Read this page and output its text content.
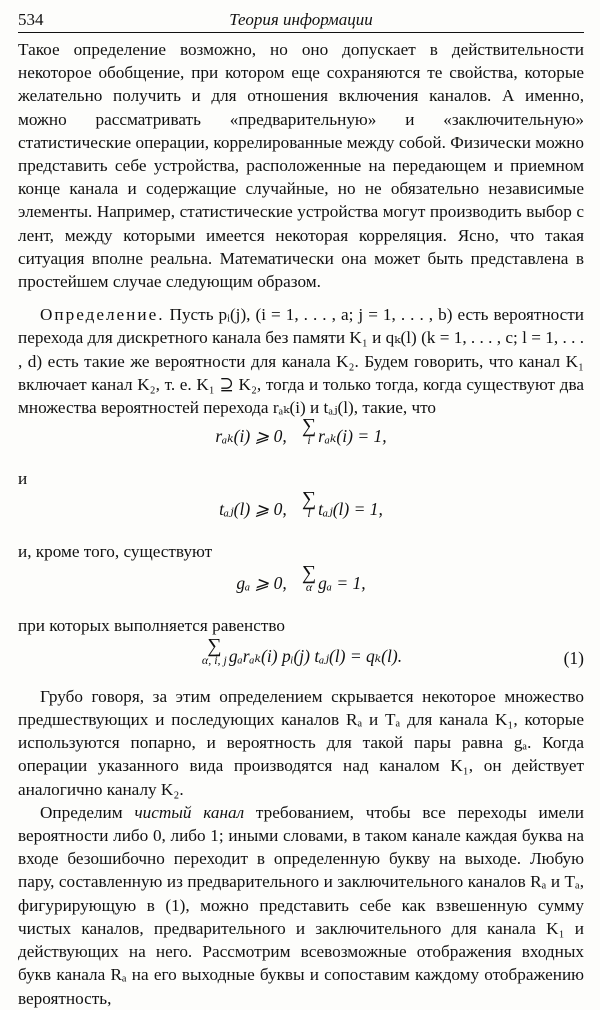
534	Теория информации

Такое определение возможно, но оно допускает в действительности некоторое обобщение, при котором еще сохраняются те свойства, которые желательно получить и для отношения включения каналов. А именно, можно рассматривать «предварительную» и «заключительную» статистические операции, коррелированные между собой. Физически можно представить себе устройства, расположенные на передающем и приемном конце канала и содержащие случайные, но не обязательно независимые элементы. Например, статистические устройства могут производить выбор с лент, между которыми имеется некоторая корреляция. Ясно, что такая ситуация вполне реальна. Математически она может быть представлена в простейшем случае следующим образом.

Определение. Пусть pᵢ(j), (i = 1, . . . , a; j = 1, . . . , b) есть вероятности перехода для дискретного канала без памяти K₁ и qₖ(l) (k = 1, . . . , c; l = 1, . . . , d) есть такие же вероятности для канала K₂. Будем говорить, что канал K₁ включает канал K₂, т. е. K₁ ⊇ K₂, тогда и только тогда, когда существуют два множества вероятностей перехода rₐₖ(i) и tₐⱼ(l), такие, что

rₐₖ(i) ⩾ 0, ∑
i rₐₖ(i) = 1,

и

tₐⱼ(l) ⩾ 0, ∑
l tₐⱼ(l) = 1,

и, кроме того, существуют

gₐ ⩾ 0, ∑
α gₐ = 1,

при которых выполняется равенство

∑
α, i, j gₐrₐₖ(i) pᵢ(j) tₐⱼ(l) = qₖ(l).	(1)

Грубо говоря, за этим определением скрывается некоторое множество предшествующих и последующих каналов Rₐ и Tₐ для канала K₁, которые используются попарно, и вероятность для такой пары равна gₐ. Когда операции указанного вида производятся над каналом K₁, он действует аналогично каналу K₂.

Определим чистый канал требованием, чтобы все переходы имели вероятности либо 0, либо 1; иными словами, в таком канале каждая буква на входе безошибочно переходит в определенную букву на выходе. Любую пару, составленную из предварительного и заключительного каналов Rₐ и Tₐ, фигурирующую в (1), можно представить себе как взвешенную сумму чистых каналов, предварительного и заключительного для канала K₁ и действующих на него. Рассмотрим всевозможные отображения входных букв канала Rₐ на его выходные буквы и сопоставим каждому отображению вероятность,
